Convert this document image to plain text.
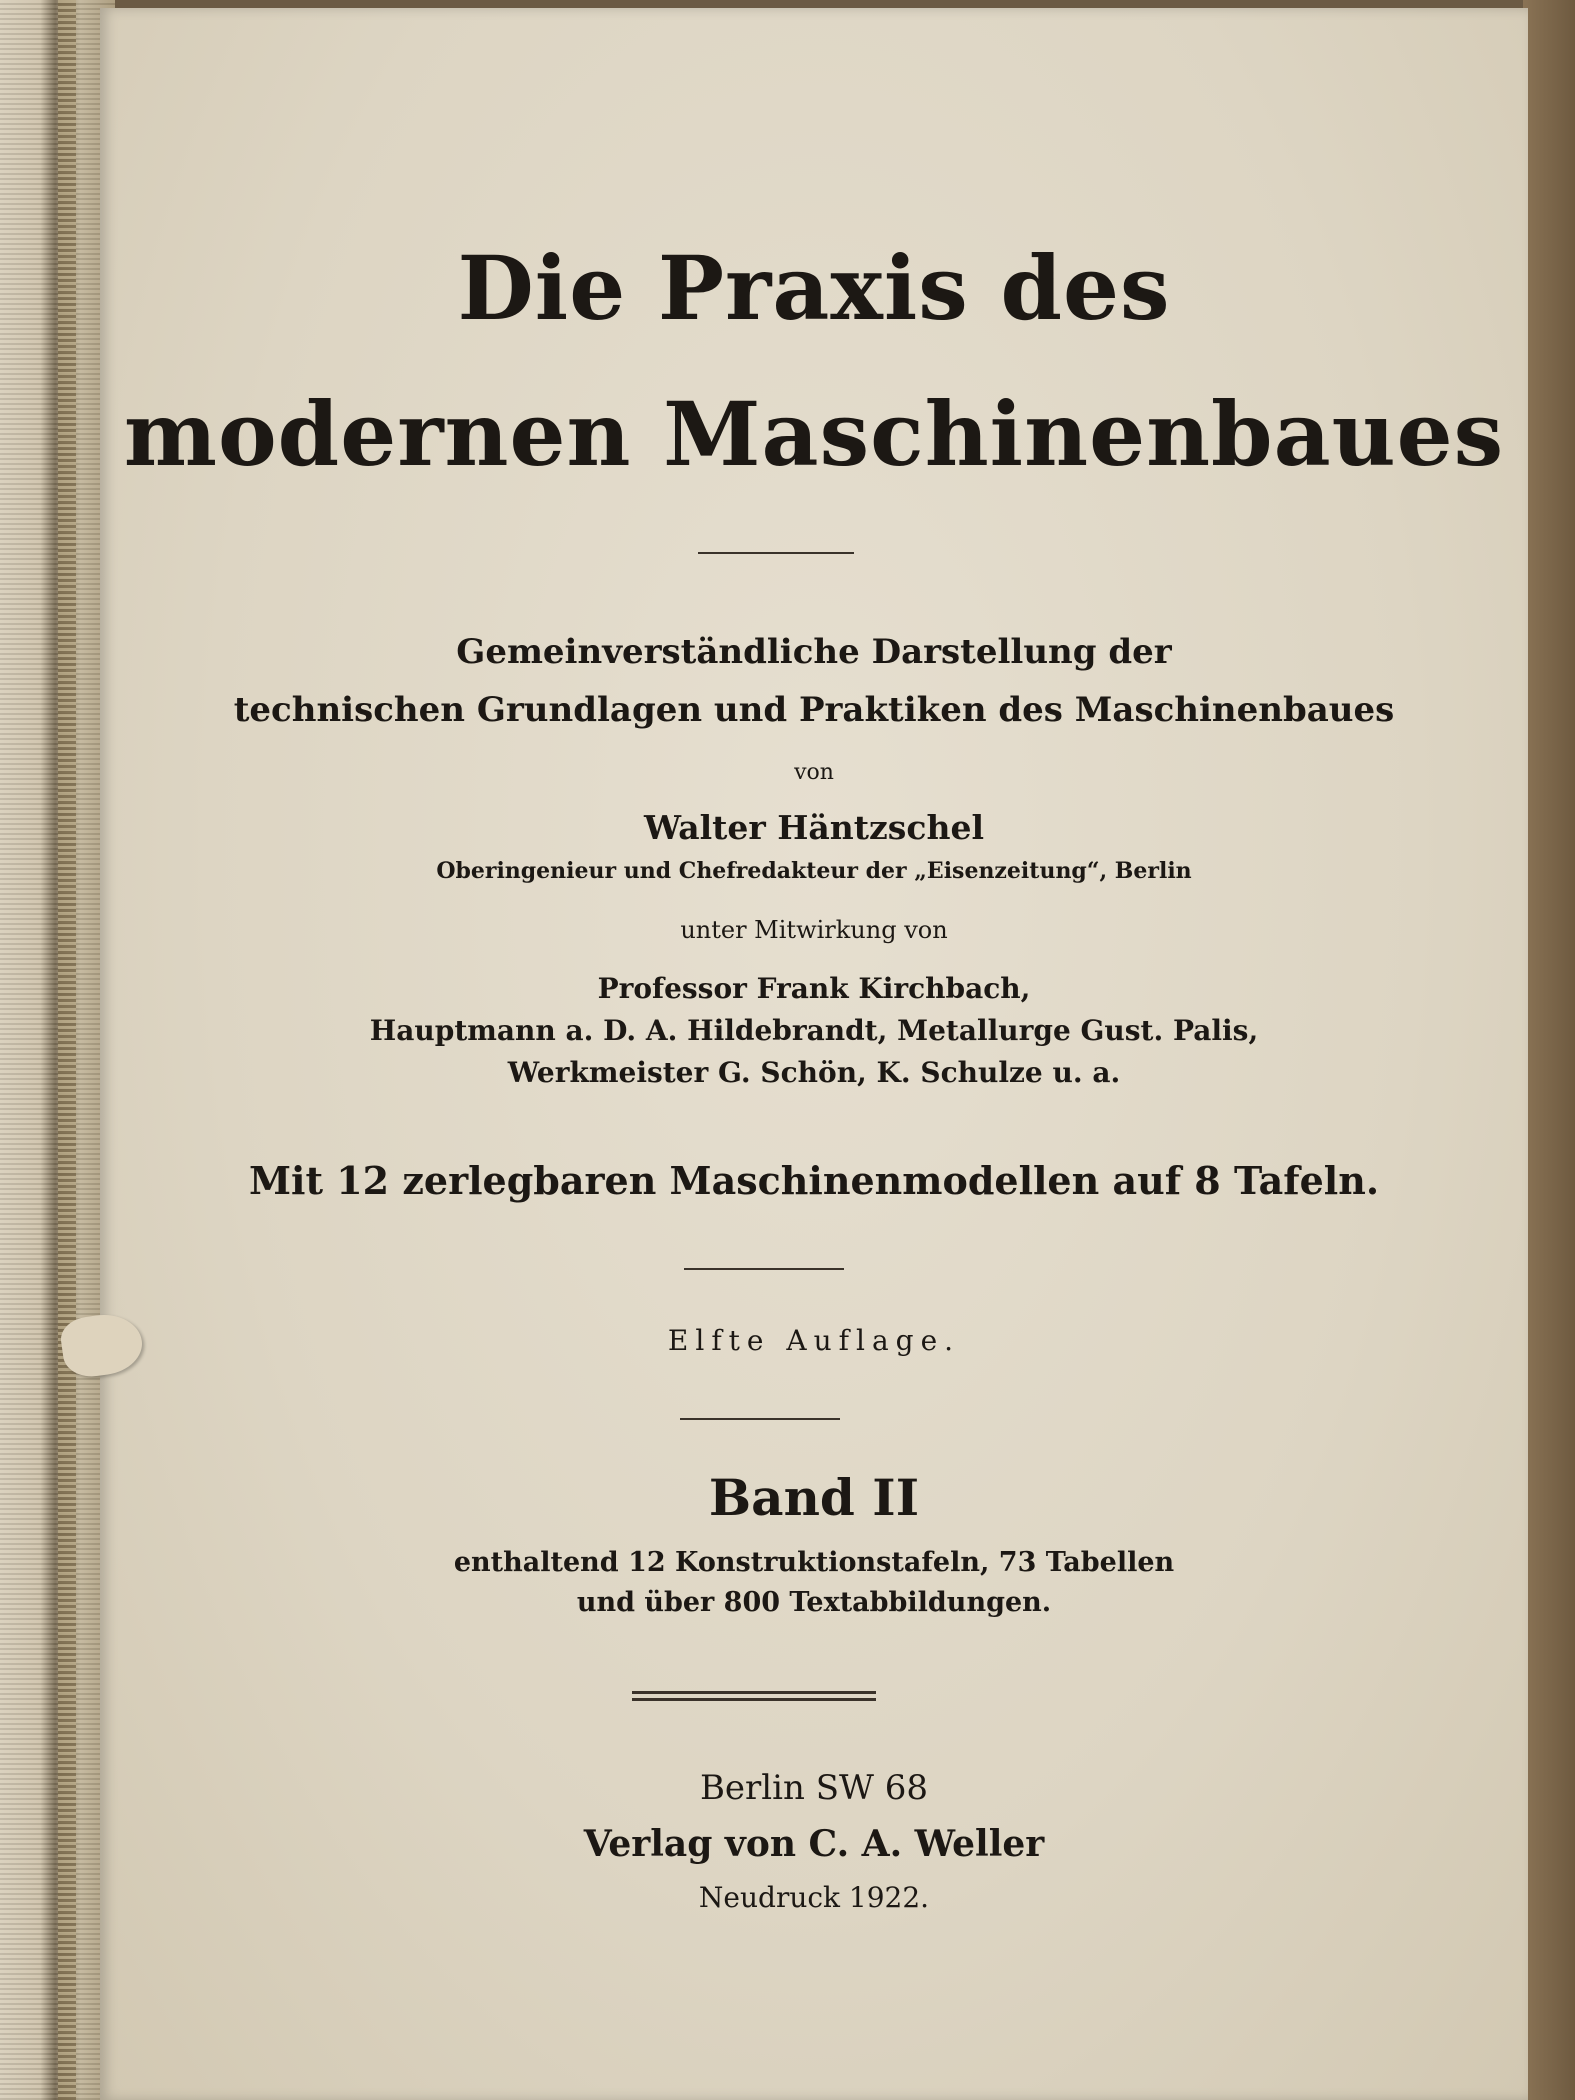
Die Praxis des
modernen Maschinenbaues
Gemeinverständliche Darstellung der
technischen Grundlagen und Praktiken des Maschinenbaues
von
Walter Häntzschel
Oberingenieur und Chefredakteur der „Eisenzeitung“, Berlin
unter Mitwirkung von
Professor Frank Kirchbach,
Hauptmann a. D. A. Hildebrandt, Metallurge Gust. Palis,
Werkmeister G. Schön, K. Schulze u. a.
Mit 12 zerlegbaren Maschinenmodellen auf 8 Tafeln.
Elfte Auflage.
Band II
enthaltend 12 Konstruktionstafeln, 73 Tabellen
und über 800 Textabbildungen.
Berlin SW 68
Verlag von C. A. Weller
Neudruck 1922.
